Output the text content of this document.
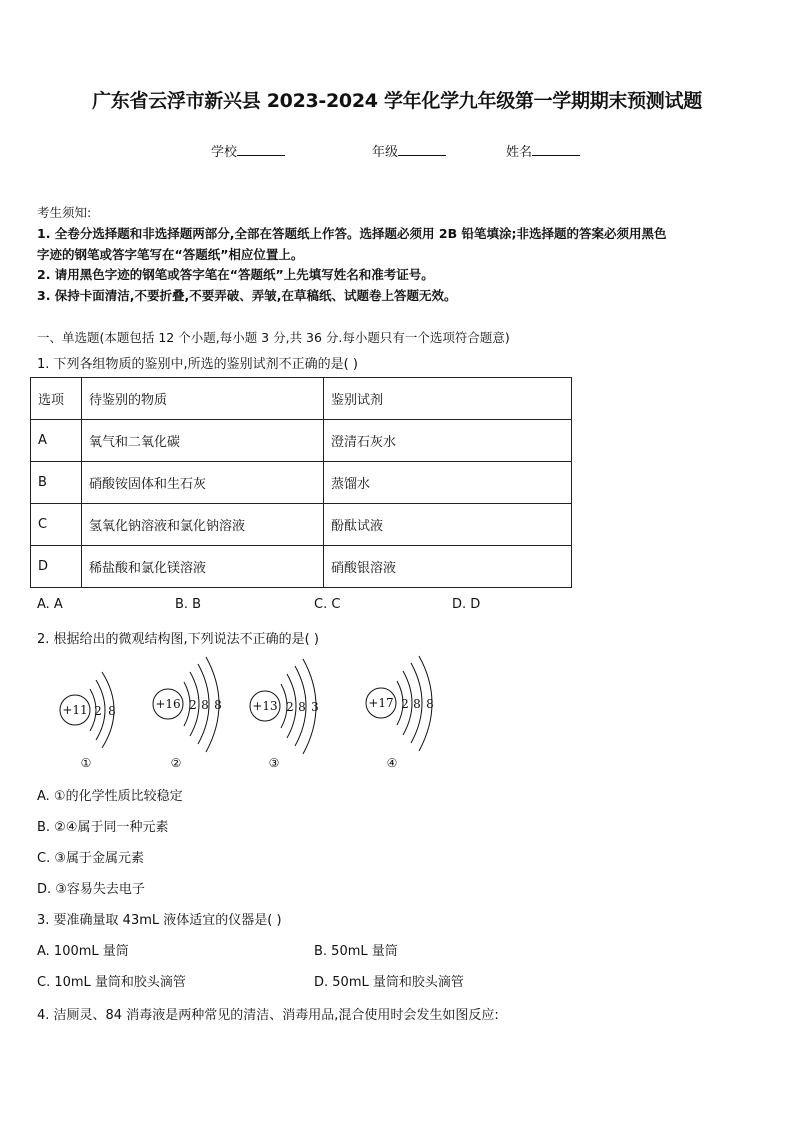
广东省云浮市新兴县 2023-2024 学年化学九年级第一学期期末预测试题
学校	年级	姓名
考生须知:
1. 全卷分选择题和非选择题两部分,全部在答题纸上作答。选择题必须用 2B 铅笔填涂;非选择题的答案必须用黑色
字迹的钢笔或答字笔写在“答题纸”相应位置上。
2. 请用黑色字迹的钢笔或答字笔在“答题纸”上先填写姓名和准考证号。
3. 保持卡面清洁,不要折叠,不要弄破、弄皱,在草稿纸、试题卷上答题无效。
一、单选题(本题包括 12 个小题,每小题 3 分,共 36 分.每小题只有一个选项符合题意)
1. 下列各组物质的鉴别中,所选的鉴别试剂不正确的是( )
选项	待鉴别的物质	鉴别试剂
A	氧气和二氧化碳	澄清石灰水
B	硝酸铵固体和生石灰	蒸馏水
C	氢氧化钠溶液和氯化钠溶液	酚酞试液
D	稀盐酸和氯化镁溶液	硝酸银溶液
A. A	B. B	C. C	D. D
2. 根据给出的微观结构图,下列说法不正确的是( )
+11 2 8
①
+16 2 8 8
②
+13 2 8 3
③
+17 2 8 8
④
A. ①的化学性质比较稳定
B. ②④属于同一种元素
C. ③属于金属元素
D. ③容易失去电子
3. 要准确量取 43mL 液体适宜的仪器是( )
A. 100mL 量筒	B. 50mL 量筒
C. 10mL 量筒和胶头滴管	D. 50mL 量筒和胶头滴管
4. 洁厕灵、84 消毒液是两种常见的清洁、消毒用品,混合使用时会发生如图反应:
